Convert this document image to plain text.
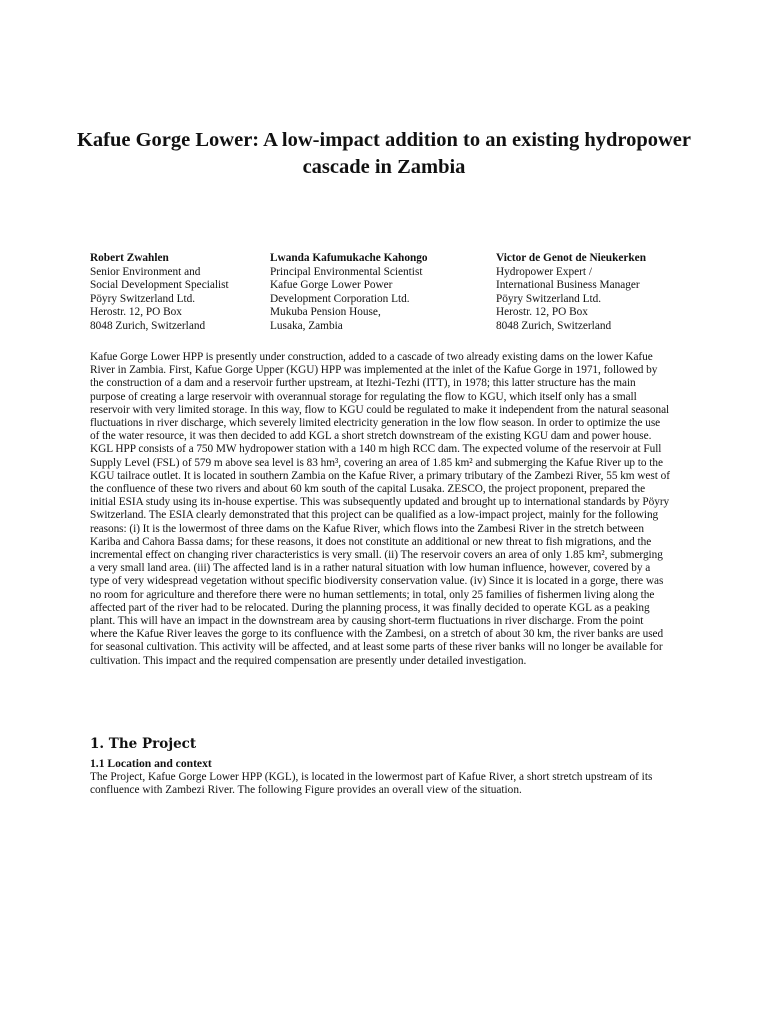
Kafue Gorge Lower: A low-impact addition to an existing hydropower cascade in Zambia
Robert Zwahlen
Senior Environment and
Social Development Specialist
Pöyry Switzerland Ltd.
Herostr. 12, PO Box
8048 Zurich, Switzerland
Lwanda Kafumukache Kahongo
Principal Environmental Scientist
Kafue Gorge Lower Power
Development Corporation Ltd.
Mukuba Pension House,
Lusaka, Zambia
Victor de Genot de Nieukerken
Hydropower Expert /
International Business Manager
Pöyry Switzerland Ltd.
Herostr. 12, PO Box
8048 Zurich, Switzerland

Kafue Gorge Lower HPP is presently under construction, added to a cascade of two already existing dams on the lower Kafue River in Zambia. First, Kafue Gorge Upper (KGU) HPP was implemented at the inlet of the Kafue Gorge in 1971, followed by the construction of a dam and a reservoir further upstream, at Itezhi-Tezhi (ITT), in 1978; this latter structure has the main purpose of creating a large reservoir with overannual storage for regulating the flow to KGU, which itself only has a small reservoir with very limited storage. In this way, flow to KGU could be regulated to make it independent from the natural seasonal fluctuations in river discharge, which severely limited electricity generation in the low flow season. In order to optimize the use of the water resource, it was then decided to add KGL a short stretch downstream of the existing KGU dam and power house. KGL HPP consists of a 750 MW hydropower station with a 140 m high RCC dam. The expected volume of the reservoir at Full Supply Level (FSL) of 579 m above sea level is 83 hm³, covering an area of 1.85 km² and submerging the Kafue River up to the KGU tailrace outlet. It is located in southern Zambia on the Kafue River, a primary tributary of the Zambezi River, 55 km west of the confluence of these two rivers and about 60 km south of the capital Lusaka. ZESCO, the project proponent, prepared the initial ESIA study using its in-house expertise. This was subsequently updated and brought up to international standards by Pöyry Switzerland. The ESIA clearly demonstrated that this project can be qualified as a low-impact project, mainly for the following reasons: (i) It is the lowermost of three dams on the Kafue River, which flows into the Zambesi River in the stretch between Kariba and Cahora Bassa dams; for these reasons, it does not constitute an additional or new threat to fish migrations, and the incremental effect on changing river characteristics is very small. (ii) The reservoir covers an area of only 1.85 km², submerging a very small land area. (iii) The affected land is in a rather natural situation with low human influence, however, covered by a type of very widespread vegetation without specific biodiversity conservation value. (iv) Since it is located in a gorge, there was no room for agriculture and therefore there were no human settlements; in total, only 25 families of fishermen living along the affected part of the river had to be relocated. During the planning process, it was finally decided to operate KGL as a peaking plant. This will have an impact in the downstream area by causing short-term fluctuations in river discharge. From the point where the Kafue River leaves the gorge to its confluence with the Zambesi, on a stretch of about 30 km, the river banks are used for seasonal cultivation. This activity will be affected, and at least some parts of these river banks will no longer be available for cultivation. This impact and the required compensation are presently under detailed investigation.

1. The Project
1.1 Location and context

The Project, Kafue Gorge Lower HPP (KGL), is located in the lowermost part of Kafue River, a short stretch upstream of its confluence with Zambezi River. The following Figure provides an overall view of the situation.
